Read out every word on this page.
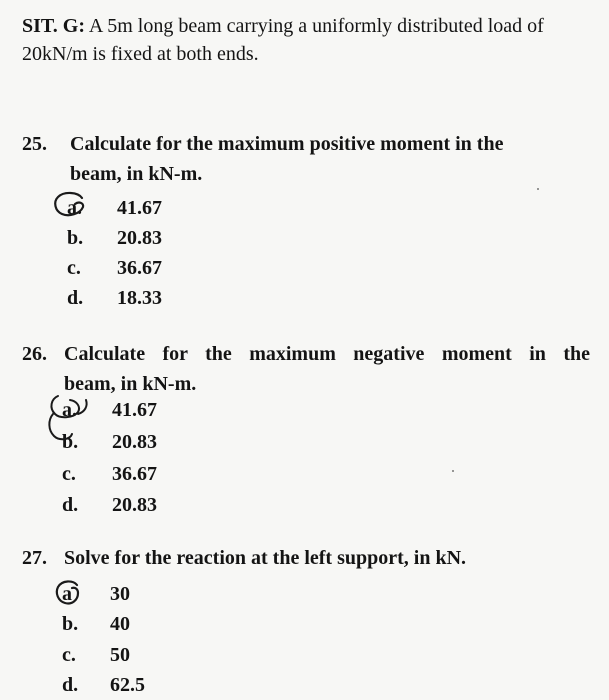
SIT. G: A 5m long beam carrying a uniformly distributed load of 20kN/m is fixed at both ends.
25. Calculate for the maximum positive moment in the
beam, in kN-m.
a. 41.67
b. 20.83
c. 36.67
d. 18.33
26. Calculate for the maximum negative moment in the
beam, in kN-m.
a. 41.67
b. 20.83
c. 36.67
d. 20.83
27. Solve for the reaction at the left support, in kN.
a 30
b. 40
c. 50
d. 62.5
